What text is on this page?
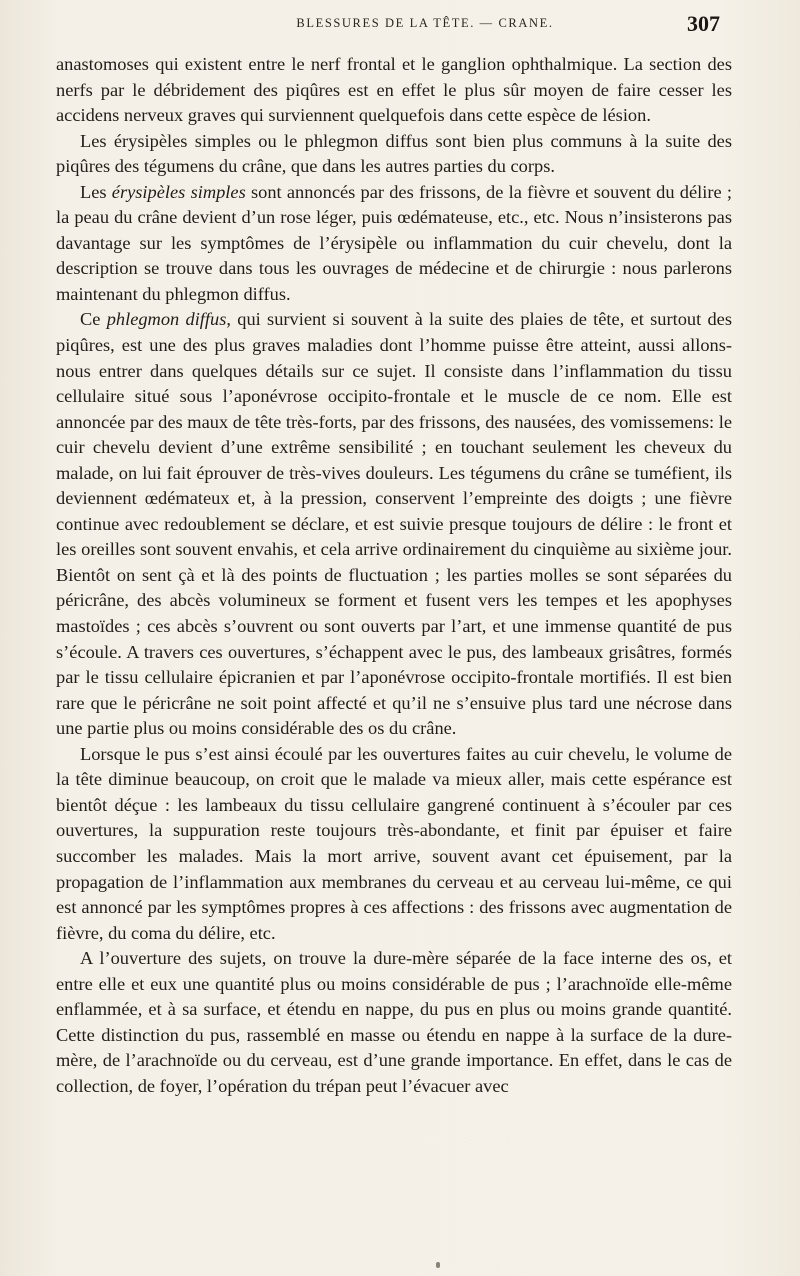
BLESSURES DE LA TÊTE. — CRANE.	307

anastomoses qui existent entre le nerf frontal et le ganglion ophthalmique. La section des nerfs par le débridement des piqûres est en effet le plus sûr moyen de faire cesser les accidens nerveux graves qui surviennent quelquefois dans cette espèce de lésion.

Les érysipèles simples ou le phlegmon diffus sont bien plus communs à la suite des piqûres des tégumens du crâne, que dans les autres parties du corps.

Les érysipèles simples sont annoncés par des frissons, de la fièvre et souvent du délire ; la peau du crâne devient d’un rose léger, puis œdémateuse, etc., etc. Nous n’insisterons pas davantage sur les symptômes de l’érysipèle ou inflammation du cuir chevelu, dont la description se trouve dans tous les ouvrages de médecine et de chirurgie : nous parlerons maintenant du phlegmon diffus.

Ce phlegmon diffus, qui survient si souvent à la suite des plaies de tête, et surtout des piqûres, est une des plus graves maladies dont l’homme puisse être atteint, aussi allons-nous entrer dans quelques détails sur ce sujet. Il consiste dans l’inflammation du tissu cellulaire situé sous l’aponévrose occipito-frontale et le muscle de ce nom. Elle est annoncée par des maux de tête très-forts, par des frissons, des nausées, des vomissemens: le cuir chevelu devient d’une extrême sensibilité ; en touchant seulement les cheveux du malade, on lui fait éprouver de très-vives douleurs. Les tégumens du crâne se tuméfient, ils deviennent œdémateux et, à la pression, conservent l’empreinte des doigts ; une fièvre continue avec redoublement se déclare, et est suivie presque toujours de délire : le front et les oreilles sont souvent envahis, et cela arrive ordinairement du cinquième au sixième jour. Bientôt on sent çà et là des points de fluctuation ; les parties molles se sont séparées du péricrâne, des abcès volumineux se forment et fusent vers les tempes et les apophyses mastoïdes ; ces abcès s’ouvrent ou sont ouverts par l’art, et une immense quantité de pus s’écoule. A travers ces ouvertures, s’échappent avec le pus, des lambeaux grisâtres, formés par le tissu cellulaire épicranien et par l’aponévrose occipito-frontale mortifiés. Il est bien rare que le péricrâne ne soit point affecté et qu’il ne s’ensuive plus tard une nécrose dans une partie plus ou moins considérable des os du crâne.

Lorsque le pus s’est ainsi écoulé par les ouvertures faites au cuir chevelu, le volume de la tête diminue beaucoup, on croit que le malade va mieux aller, mais cette espérance est bientôt déçue : les lambeaux du tissu cellulaire gangrené continuent à s’écouler par ces ouvertures, la suppuration reste toujours très-abondante, et finit par épuiser et faire succomber les malades. Mais la mort arrive, souvent avant cet épuisement, par la propagation de l’inflammation aux membranes du cerveau et au cerveau lui-même, ce qui est annoncé par les symptômes propres à ces affections : des frissons avec augmentation de fièvre, du coma du délire, etc.

A l’ouverture des sujets, on trouve la dure-mère séparée de la face interne des os, et entre elle et eux une quantité plus ou moins considérable de pus ; l’arachnoïde elle-même enflammée, et à sa surface, et étendu en nappe, du pus en plus ou moins grande quantité. Cette distinction du pus, rassemblé en masse ou étendu en nappe à la surface de la dure-mère, de l’arachnoïde ou du cerveau, est d’une grande importance. En effet, dans le cas de collection, de foyer, l’opération du trépan peut l’évacuer avec
